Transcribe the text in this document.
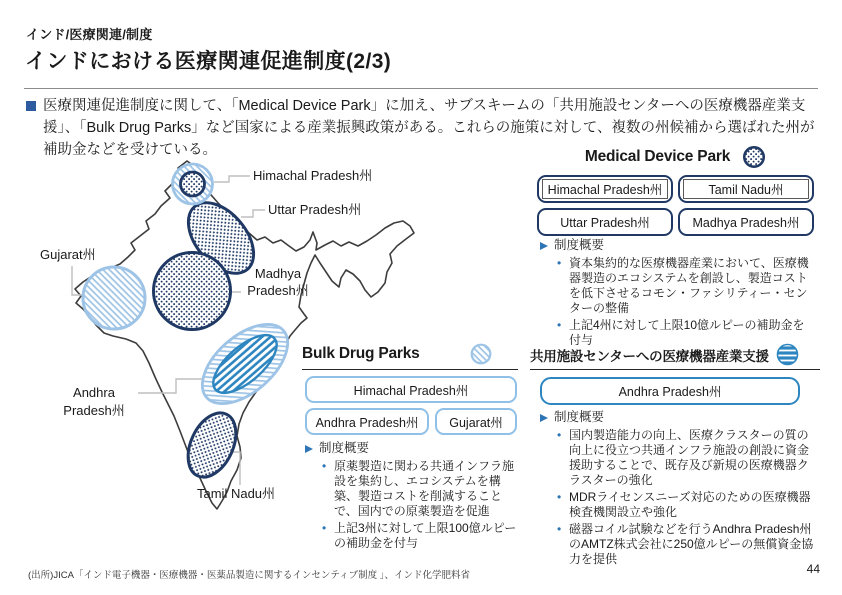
インド/医療関連/制度
インドにおける医療関連促進制度(2/3)
医療関連促進制度に関して、「Medical Device Park」に加え、サブスキームの「共用施設センターへの医療機器産業支援」、「Bulk Drug Parks」など国家による産業振興政策がある。これらの施策に対して、複数の州候補から選ばれた州が補助金などを受けている。
Himachal Pradesh州
Uttar Pradesh州
Gujarat州
Madhya Pradesh州
Andhra Pradesh州
Tamil Nadu州
Medical Device Park
Himachal Pradesh州	Tamil Nadu州
Uttar Pradesh州	Madhya Pradesh州
制度概要
• 資本集約的な医療機器産業において、医療機器製造のエコシステムを創設し、製造コストを低下させるコモン・ファシリティー・センターの整備
• 上記4州に対して上限10億ルピーの補助金を付与
Bulk Drug Parks
Himachal Pradesh州
Andhra Pradesh州 Gujarat州
制度概要
• 原薬製造に関わる共通インフラ施設を集約し、エコシステムを構築、製造コストを削減することで、国内での原薬製造を促進
• 上記3州に対して上限100億ルピーの補助金を付与
共用施設センターへの医療機器産業支援
Andhra Pradesh州
制度概要
• 国内製造能力の向上、医療クラスターの質の向上に役立つ共通インフラ施設の創設に資金援助することで、既存及び新規の医療機器クラスターの強化
• MDRライセンスニーズ対応のための医療機器検査機関設立や強化
• 磁器コイル試験などを行うAndhra Pradesh州のAMTZ株式会社に250億ルピーの無償資金協力を提供
(出所)JICA「インド電子機器・医療機器・医薬品製造に関するインセンティブ制度 」、インド化学肥料省	44
